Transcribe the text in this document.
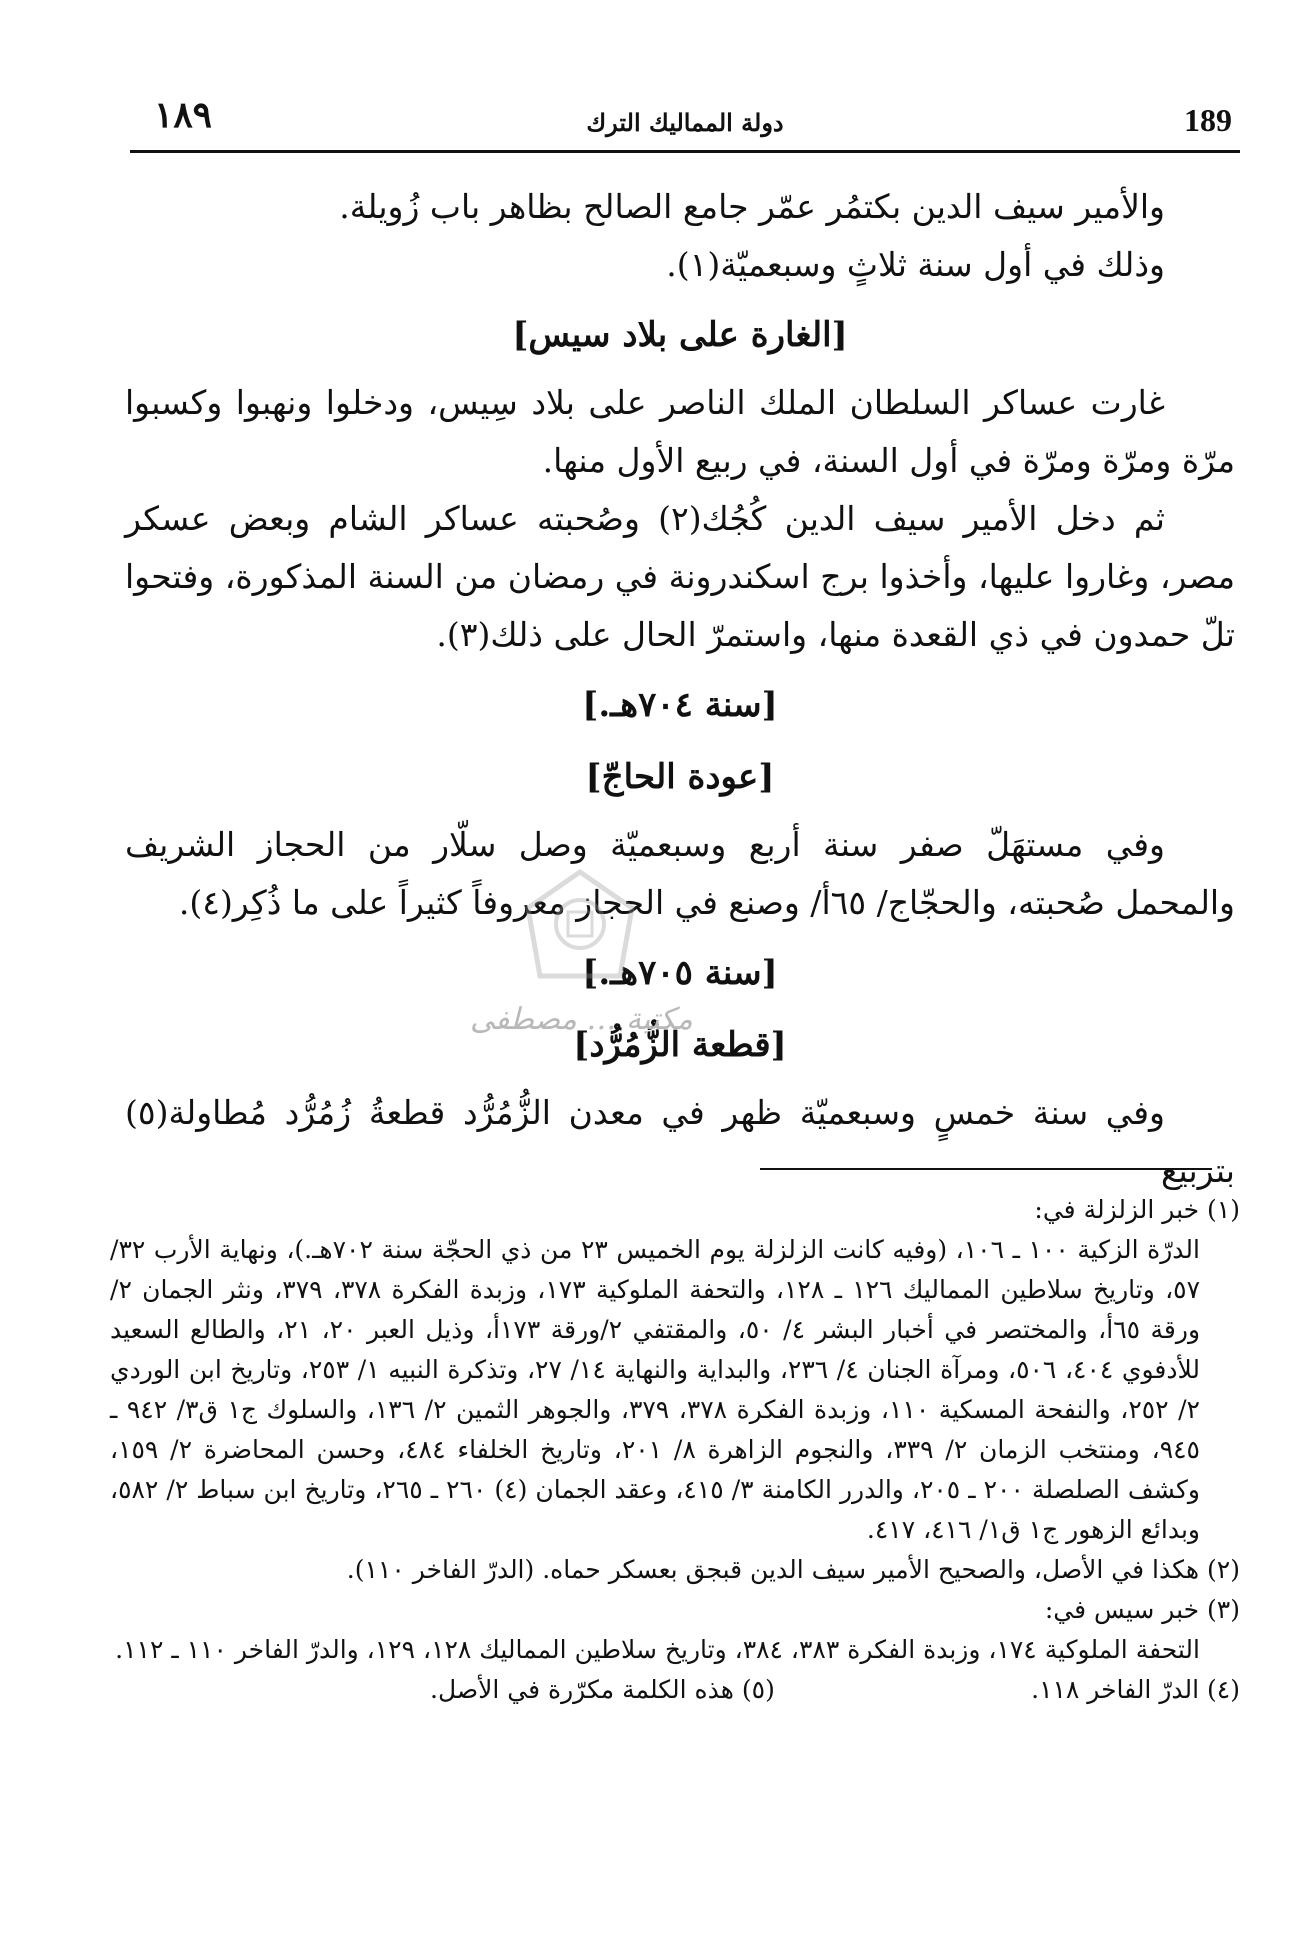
١٨٩	دولة المماليك الترك	189

والأمير سيف الدين بكتمُر عمّر جامع الصالح بظاهر باب زُويلة.

وذلك في أول سنة ثلاثٍ وسبعميّة(١).

[الغارة على بلاد سيس]

غارت عساكر السلطان الملك الناصر على بلاد سِيس، ودخلوا ونهبوا وكسبوا مرّة ومرّة ومرّة في أول السنة، في ربيع الأول منها.

ثم دخل الأمير سيف الدين كُجُك(٢) وصُحبته عساكر الشام وبعض عسكر مصر، وغاروا عليها، وأخذوا برج اسكندرونة في رمضان من السنة المذكورة، وفتحوا تلّ حمدون في ذي القعدة منها، واستمرّ الحال على ذلك(٣).

[سنة ٧٠٤هـ.]

[عودة الحاجّ]

وفي مستهَلّ صفر سنة أربع وسبعميّة وصل سلّار من الحجاز الشريف والمحمل صُحبته، والحجّاج/ ٦٥أ/ وصنع في الحجاز معروفاً كثيراً على ما ذُكِر(٤).

[سنة ٧٠٥هـ.]

[قطعة الزُّمُرُّد]

وفي سنة خمسٍ وسبعميّة ظهر في معدن الزُّمُرُّد قطعةُ زُمُرُّد مُطاولة(٥) بتربيع

مكتبة … مصطفى

(١) خبر الزلزلة في:

الدرّة الزكية ١٠٠ ـ ١٠٦، (وفيه كانت الزلزلة يوم الخميس ٢٣ من ذي الحجّة سنة ٧٠٢هـ.)، ونهاية الأرب ٣٢/ ٥٧، وتاريخ سلاطين المماليك ١٢٦ ـ ١٢٨، والتحفة الملوكية ١٧٣، وزبدة الفكرة ٣٧٨، ٣٧٩، ونثر الجمان ٢/ورقة ٦٥أ، والمختصر في أخبار البشر ٤/ ٥٠، والمقتفي ٢/ورقة ١٧٣أ، وذيل العبر ٢٠، ٢١، والطالع السعيد للأدفوي ٤٠٤، ٥٠٦، ومرآة الجنان ٤/ ٢٣٦، والبداية والنهاية ١٤/ ٢٧، وتذكرة النبيه ١/ ٢٥٣، وتاريخ ابن الوردي ٢/ ٢٥٢، والنفحة المسكية ١١٠، وزبدة الفكرة ٣٧٨، ٣٧٩، والجوهر الثمين ٢/ ١٣٦، والسلوك ج١ ق٣/ ٩٤٢ ـ ٩٤٥، ومنتخب الزمان ٢/ ٣٣٩، والنجوم الزاهرة ٨/ ٢٠١، وتاريخ الخلفاء ٤٨٤، وحسن المحاضرة ٢/ ١٥٩، وكشف الصلصلة ٢٠٠ ـ ٢٠٥، والدرر الكامنة ٣/ ٤١٥، وعقد الجمان (٤) ٢٦٠ ـ ٢٦٥، وتاريخ ابن سباط ٢/ ٥٨٢، وبدائع الزهور ج١ ق١/ ٤١٦، ٤١٧.

(٢) هكذا في الأصل، والصحيح الأمير سيف الدين قبجق بعسكر حماه. (الدرّ الفاخر ١١٠).

(٣) خبر سيس في:

التحفة الملوكية ١٧٤، وزبدة الفكرة ٣٨٣، ٣٨٤، وتاريخ سلاطين المماليك ١٢٨، ١٢٩، والدرّ الفاخر ١١٠ ـ ١١٢.

(٤) الدرّ الفاخر ١١٨.
(٥) هذه الكلمة مكرّرة في الأصل.
